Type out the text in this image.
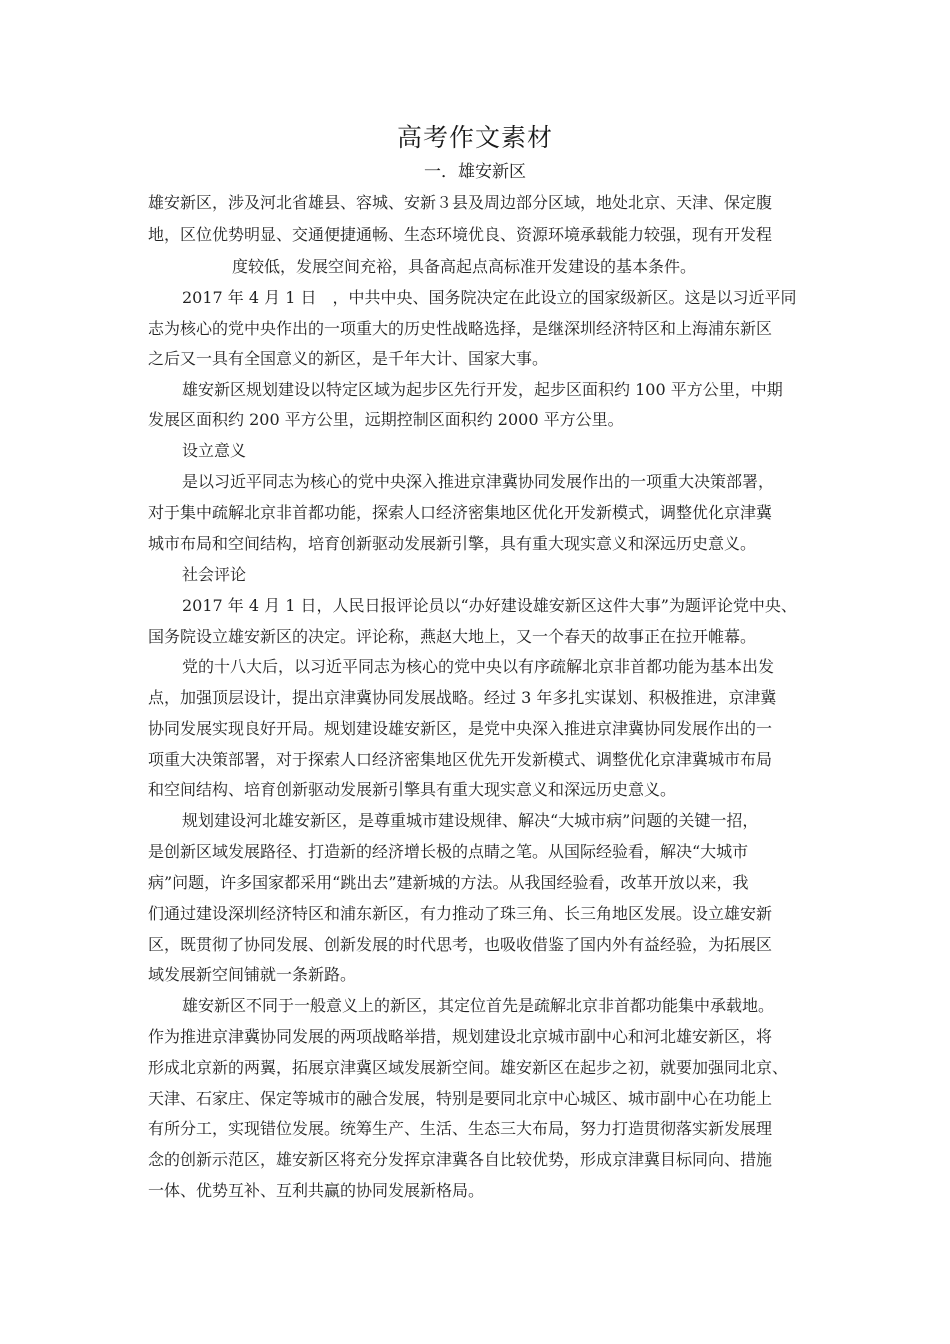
高考作文素材
一．雄安新区
雄安新区，涉及河北省雄县、容城、安新３县及周边部分区域，地处北京、天津、保定腹
地，区位优势明显、交通便捷通畅、生态环境优良、资源环境承载能力较强，现有开发程
度较低，发展空间充裕，具备高起点高标准开发建设的基本条件。
2017 年 4 月 1 日　，中共中央、国务院决定在此设立的国家级新区。这是以习近平同
志为核心的党中央作出的一项重大的历史性战略选择，是继深圳经济特区和上海浦东新区
之后又一具有全国意义的新区，是千年大计、国家大事。
雄安新区规划建设以特定区域为起步区先行开发，起步区面积约 100 平方公里，中期
发展区面积约 200 平方公里，远期控制区面积约 2000 平方公里。
设立意义
是以习近平同志为核心的党中央深入推进京津冀协同发展作出的一项重大决策部署，
对于集中疏解北京非首都功能，探索人口经济密集地区优化开发新模式，调整优化京津冀
城市布局和空间结构，培育创新驱动发展新引擎，具有重大现实意义和深远历史意义。
社会评论
2017 年 4 月 1 日，人民日报评论员以“办好建设雄安新区这件大事”为题评论党中央、
国务院设立雄安新区的决定。评论称，燕赵大地上，又一个春天的故事正在拉开帷幕。
党的十八大后，以习近平同志为核心的党中央以有序疏解北京非首都功能为基本出发
点，加强顶层设计，提出京津冀协同发展战略。经过 3 年多扎实谋划、积极推进，京津冀
协同发展实现良好开局。规划建设雄安新区，是党中央深入推进京津冀协同发展作出的一
项重大决策部署，对于探索人口经济密集地区优先开发新模式、调整优化京津冀城市布局
和空间结构、培育创新驱动发展新引擎具有重大现实意义和深远历史意义。
规划建设河北雄安新区，是尊重城市建设规律、解决“大城市病”问题的关键一招，
是创新区域发展路径、打造新的经济增长极的点睛之笔。从国际经验看，解决“大城市
病”问题，许多国家都采用“跳出去”建新城的方法。从我国经验看，改革开放以来，我
们通过建设深圳经济特区和浦东新区，有力推动了珠三角、长三角地区发展。设立雄安新
区，既贯彻了协同发展、创新发展的时代思考，也吸收借鉴了国内外有益经验，为拓展区
域发展新空间铺就一条新路。
雄安新区不同于一般意义上的新区，其定位首先是疏解北京非首都功能集中承载地。
作为推进京津冀协同发展的两项战略举措，规划建设北京城市副中心和河北雄安新区，将
形成北京新的两翼，拓展京津冀区域发展新空间。雄安新区在起步之初，就要加强同北京、
天津、石家庄、保定等城市的融合发展，特别是要同北京中心城区、城市副中心在功能上
有所分工，实现错位发展。统筹生产、生活、生态三大布局，努力打造贯彻落实新发展理
念的创新示范区，雄安新区将充分发挥京津冀各自比较优势，形成京津冀目标同向、措施
一体、优势互补、互利共赢的协同发展新格局。
